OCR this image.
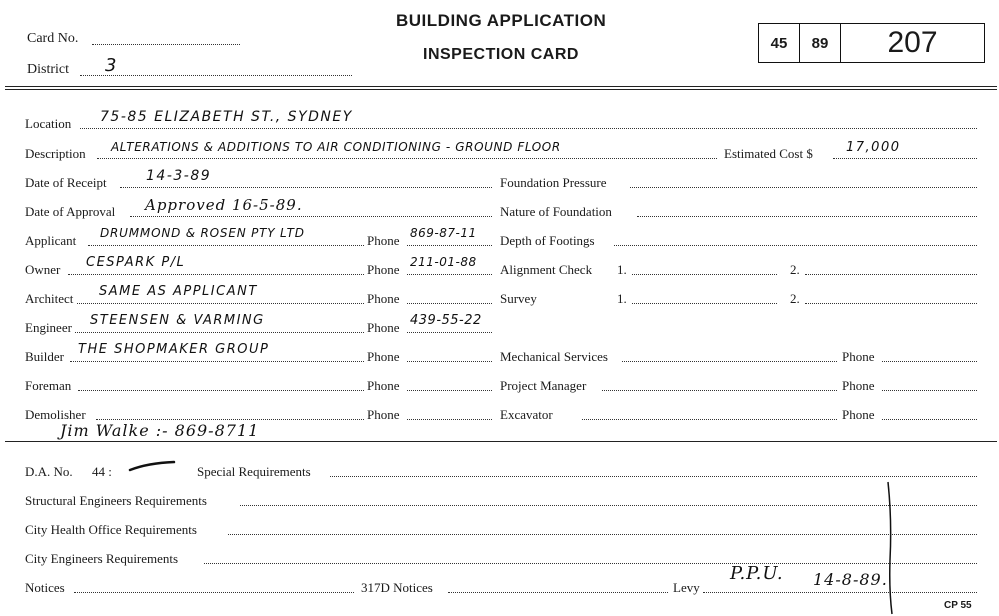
Card No.
District 3
BUILDING APPLICATION
INSPECTION CARD
45 89 207
Location 75-85 ELIZABETH ST., SYDNEY
Description ALTERATIONS & ADDITIONS TO AIR CONDITIONING - GROUND FLOOR	Estimated Cost $	17,000
Date of Receipt	14-3-89	Foundation Pressure
Date of Approval Approved 16-5-89.	Nature of Foundation
Applicant DRUMMOND & ROSEN PTY LTD	Phone 869-87-11 Depth of Footings
Owner CESPARK P/L	Phone 211-01-88 Alignment Check 1.	2.
Architect SAME AS APPLICANT	Phone	Survey	1.	2.
Engineer STEENSEN & VARMING	Phone 439-55-22
Builder THE SHOPMAKER GROUP	Phone	Mechanical Services	Phone
Foreman	Phone	Project Manager	Phone
Demolisher	Phone	Excavator	Phone
Jim Walke :- 869-8711
D.A. No. 44 :	Special Requirements
Structural Engineers Requirements
City Health Office Requirements
City Engineers Requirements
Notices	317D Notices	Levy
P.P.U. 14-8-89.
CP 55
